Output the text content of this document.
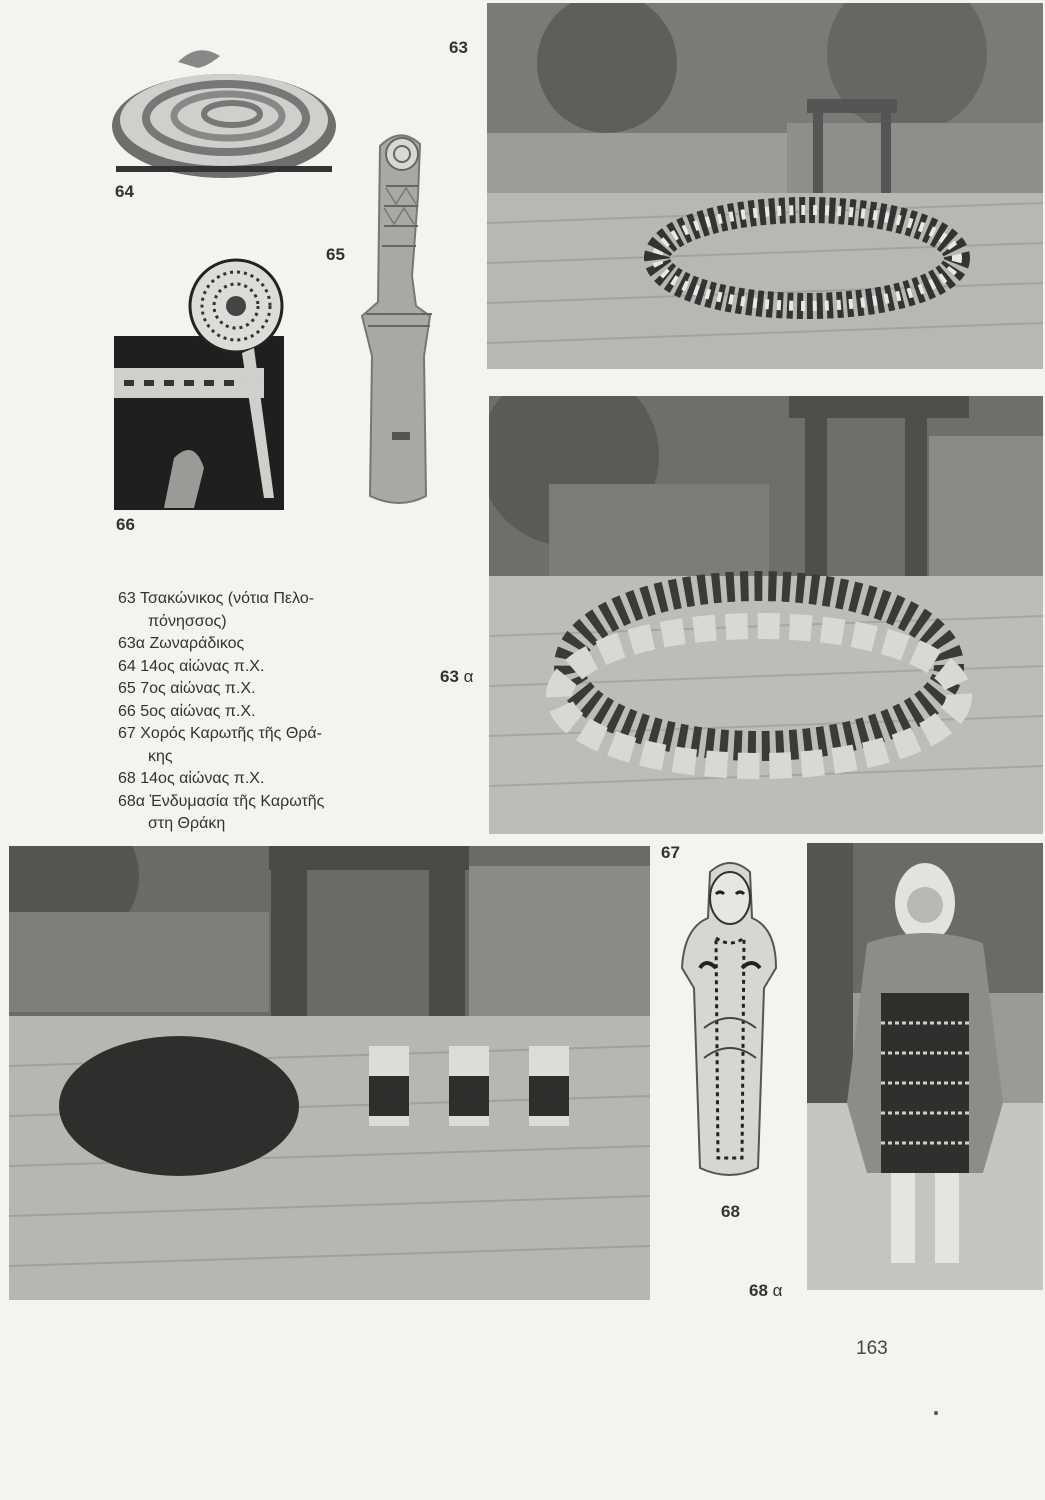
64
65
66
63
63 α
63 Τσακώνικος (νότια Πελο-
πόνησσος)
63α Ζωναράδικος
64 14ος αἰώνας π.Χ.
65 7ος αἰώνας π.Χ.
66 5ος αἰώνας π.Χ.
67 Χορός Καρωτῆς τῆς Θρά-
κης
68 14ος αἰώνας π.Χ.
68α Ἐνδυμασία τῆς Καρωτῆς
στη Θράκη
67
68
68 α
163
